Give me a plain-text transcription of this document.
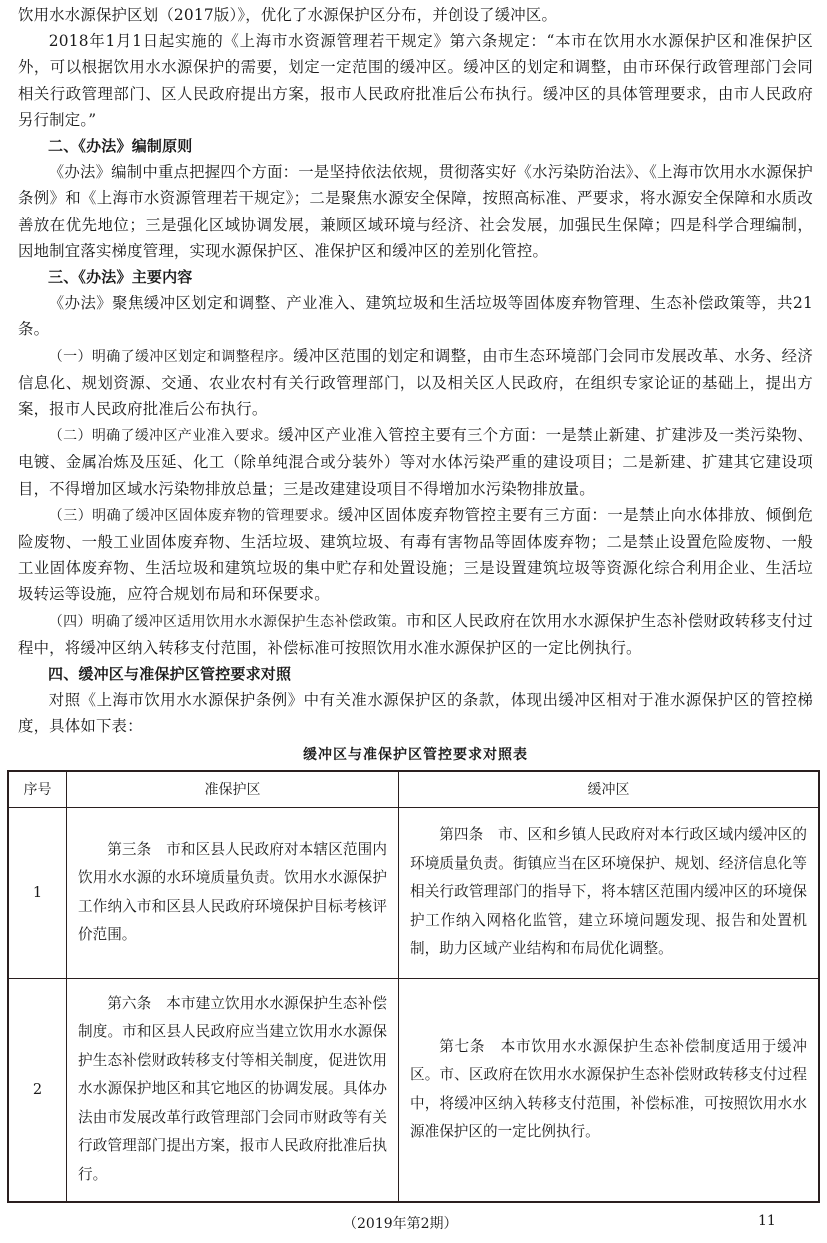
饮用水水源保护区划（2017版）》，优化了水源保护区分布，并创设了缓冲区。

2018年1月1日起实施的《上海市水资源管理若干规定》第六条规定：“本市在饮用水水源保护区和准保护区外，可以根据饮用水水源保护的需要，划定一定范围的缓冲区。缓冲区的划定和调整，由市环保行政管理部门会同相关行政管理部门、区人民政府提出方案，报市人民政府批准后公布执行。缓冲区的具体管理要求，由市人民政府另行制定。”

二、《办法》编制原则

《办法》编制中重点把握四个方面：一是坚持依法依规，贯彻落实好《水污染防治法》、《上海市饮用水水源保护条例》和《上海市水资源管理若干规定》；二是聚焦水源安全保障，按照高标准、严要求，将水源安全保障和水质改善放在优先地位；三是强化区域协调发展，兼顾区域环境与经济、社会发展，加强民生保障；四是科学合理编制，因地制宜落实梯度管理，实现水源保护区、准保护区和缓冲区的差别化管控。

三、《办法》主要内容

《办法》聚焦缓冲区划定和调整、产业准入、建筑垃圾和生活垃圾等固体废弃物管理、生态补偿政策等，共21条。

（一）明确了缓冲区划定和调整程序。缓冲区范围的划定和调整，由市生态环境部门会同市发展改革、水务、经济信息化、规划资源、交通、农业农村有关行政管理部门，以及相关区人民政府，在组织专家论证的基础上，提出方案，报市人民政府批准后公布执行。

（二）明确了缓冲区产业准入要求。缓冲区产业准入管控主要有三个方面：一是禁止新建、扩建涉及一类污染物、电镀、金属冶炼及压延、化工（除单纯混合或分装外）等对水体污染严重的建设项目；二是新建、扩建其它建设项目，不得增加区域水污染物排放总量；三是改建建设项目不得增加水污染物排放量。

（三）明确了缓冲区固体废弃物的管理要求。缓冲区固体废弃物管控主要有三方面：一是禁止向水体排放、倾倒危险废物、一般工业固体废弃物、生活垃圾、建筑垃圾、有毒有害物品等固体废弃物；二是禁止设置危险废物、一般工业固体废弃物、生活垃圾和建筑垃圾的集中贮存和处置设施；三是设置建筑垃圾等资源化综合利用企业、生活垃圾转运等设施，应符合规划布局和环保要求。

（四）明确了缓冲区适用饮用水水源保护生态补偿政策。市和区人民政府在饮用水水源保护生态补偿财政转移支付过程中，将缓冲区纳入转移支付范围，补偿标准可按照饮用水准水源保护区的一定比例执行。

四、缓冲区与准保护区管控要求对照

对照《上海市饮用水水源保护条例》中有关准水源保护区的条款，体现出缓冲区相对于准水源保护区的管控梯度，具体如下表：

缓冲区与准保护区管控要求对照表
序号	准保护区	缓冲区
1	第三条　市和区县人民政府对本辖区范围内饮用水水源的水环境质量负责。饮用水水源保护工作纳入市和区县人民政府环境保护目标考核评价范围。	第四条　市、区和乡镇人民政府对本行政区域内缓冲区的环境质量负责。街镇应当在区环境保护、规划、经济信息化等相关行政管理部门的指导下，将本辖区范围内缓冲区的环境保护工作纳入网格化监管，建立环境问题发现、报告和处置机制，助力区域产业结构和布局优化调整。

2	第六条　本市建立饮用水水源保护生态补偿制度。市和区县人民政府应当建立饮用水水源保护生态补偿财政转移支付等相关制度，促进饮用水水源保护地区和其它地区的协调发展。具体办法由市发展改革行政管理部门会同市财政等有关行政管理部门提出方案，报市人民政府批准后执行。	第七条　本市饮用水水源保护生态补偿制度适用于缓冲区。市、区政府在饮用水水源保护生态补偿财政转移支付过程中，将缓冲区纳入转移支付范围，补偿标准，可按照饮用水水源准保护区的一定比例执行。
（2019年第2期）	11
